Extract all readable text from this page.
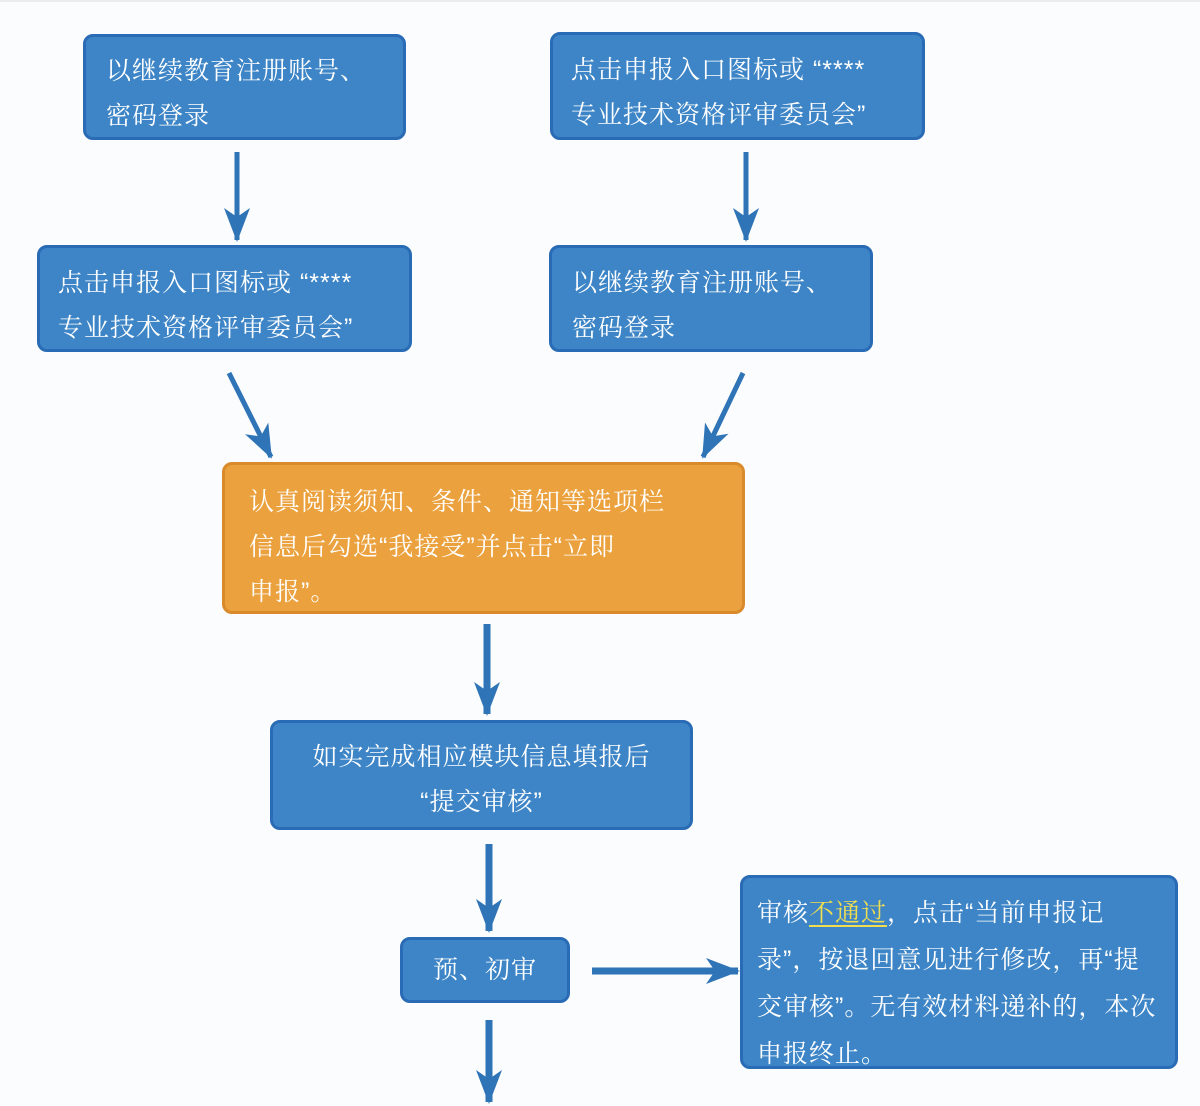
以继续教育注册账号、
密码登录
点击申报入口图标或 “****
专业技术资格评审委员会”
点击申报入口图标或 “****
专业技术资格评审委员会”
以继续教育注册账号、
密码登录
认真阅读须知、条件、通知等选项栏
信息后勾选“我接受”并点击“立即
申报”。
如实完成相应模块信息填报后
“提交审核”
预、初审
审核不通过，点击“当前申报记录”，按退回意见进行修改，再“提交审核”。无有效材料递补的，本次申报终止。
